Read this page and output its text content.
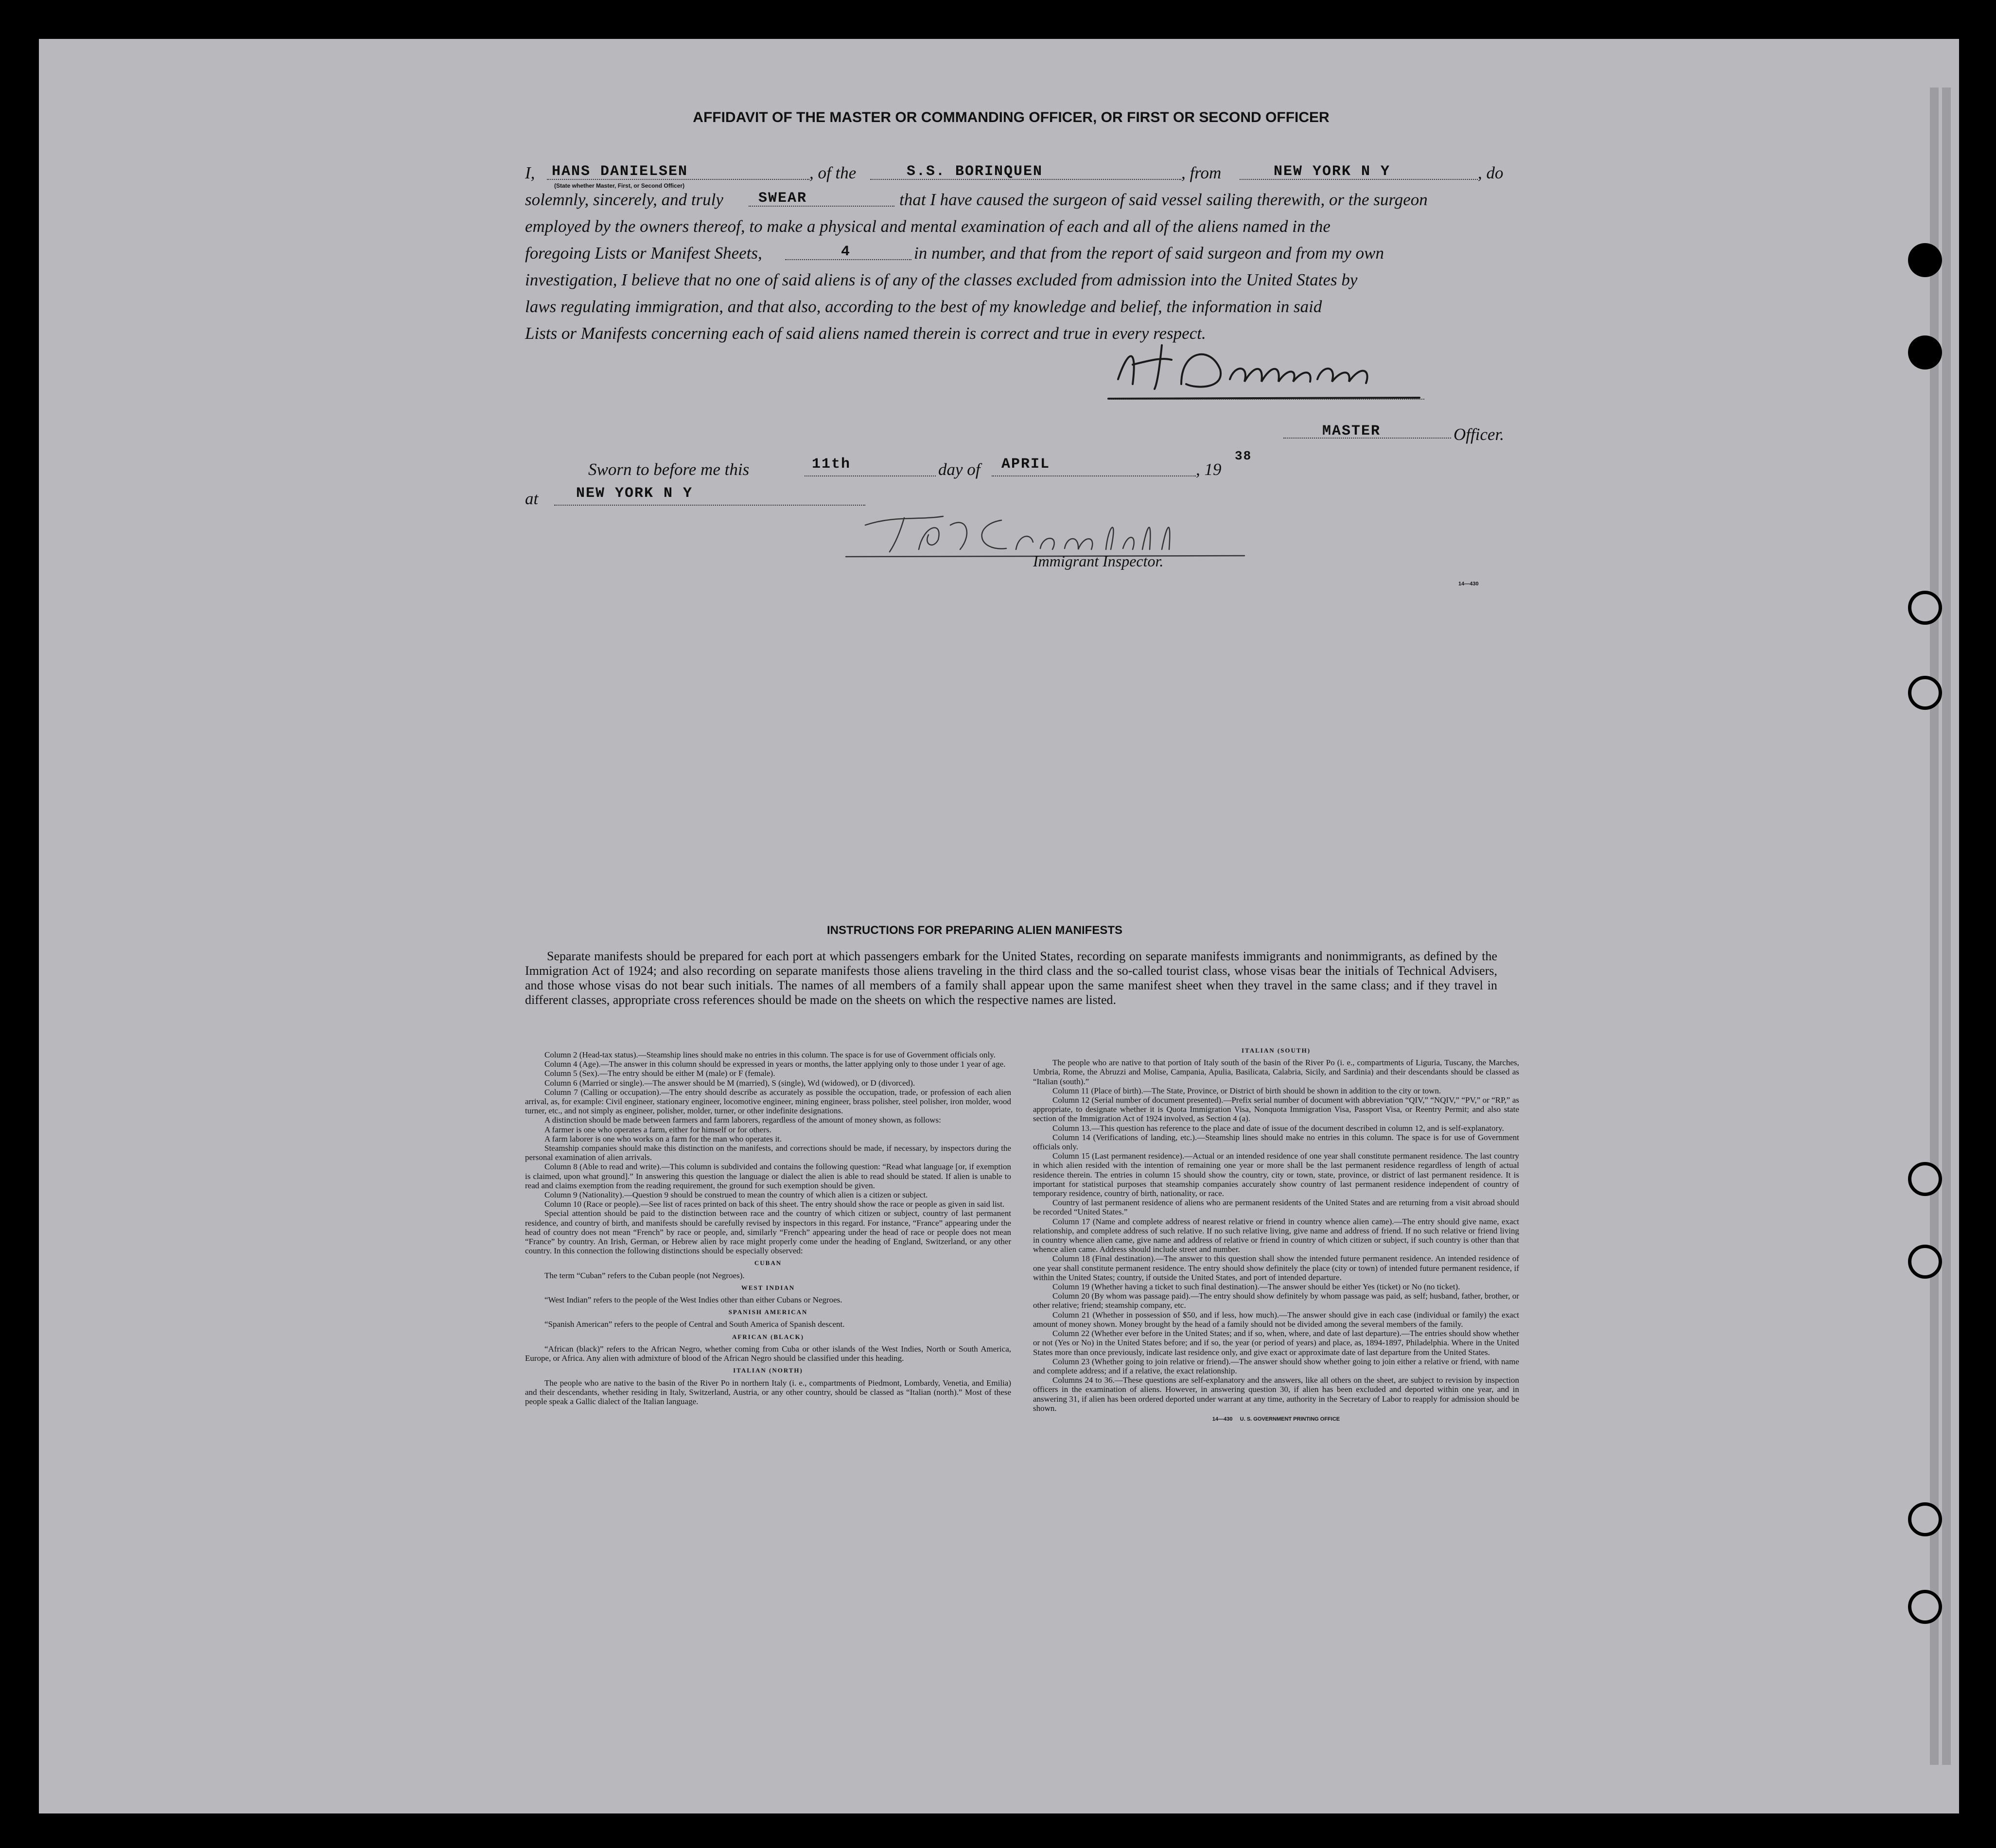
AFFIDAVIT OF THE MASTER OR COMMANDING OFFICER, OR FIRST OR SECOND OFFICER
I, HANS DANIELSEN
(State whether Master, First, or Second Officer)
, of the	S.S. BORINQUEN	, from	NEW YORK N Y	, do
solemnly, sincerely, and truly SWEAR	that I have caused the surgeon of said vessel sailing therewith, or the surgeon
employed by the owners thereof, to make a physical and mental examination of each and all of the aliens named in the
foregoing Lists or Manifest Sheets,	4	in number, and that from the report of said surgeon and from my own
investigation, I believe that no one of said aliens is of any of the classes excluded from admission into the United States by
laws regulating immigration, and that also, according to the best of my knowledge and belief, the information in said
Lists or Manifests concerning each of said aliens named therein is correct and true in every respect.
MASTER	Officer.
Sworn to before me this	11th	day of APRIL	, 19
38
at	NEW YORK N Y
Immigrant Inspector.
14—430
INSTRUCTIONS FOR PREPARING ALIEN MANIFESTS
Separate manifests should be prepared for each port at which passengers embark for the United States, recording on separate manifests immigrants and nonimmigrants, as defined by the Immigration Act of 1924; and also recording on separate manifests those aliens traveling in the third class and the so-called tourist class, whose visas bear the initials of Technical Advisers, and those whose visas do not bear such initials. The names of all members of a family shall appear upon the same manifest sheet when they travel in the same class; and if they travel in different classes, appropriate cross references should be made on the sheets on which the respective names are listed.

Column 2 (Head-tax status).—Steamship lines should make no entries in this column. The space is for use of Government officials only.

Column 4 (Age).—The answer in this column should be expressed in years or months, the latter applying only to those under 1 year of age.

Column 5 (Sex).—The entry should be either M (male) or F (female).

Column 6 (Married or single).—The answer should be M (married), S (single), Wd (widowed), or D (divorced).

Column 7 (Calling or occupation).—The entry should describe as accurately as possible the occupation, trade, or profession of each alien arrival, as, for example: Civil engineer, stationary engineer, locomotive engineer, mining engineer, brass polisher, steel polisher, iron molder, wood turner, etc., and not simply as engineer, polisher, molder, turner, or other indefinite designations.

A distinction should be made between farmers and farm laborers, regardless of the amount of money shown, as follows:

A farmer is one who operates a farm, either for himself or for others.

A farm laborer is one who works on a farm for the man who operates it.

Steamship companies should make this distinction on the manifests, and corrections should be made, if necessary, by inspectors during the personal examination of alien arrivals.

Column 8 (Able to read and write).—This column is subdivided and contains the following question: “Read what language [or, if exemption is claimed, upon what ground].” In answering this question the language or dialect the alien is able to read should be stated. If alien is unable to read and claims exemption from the reading requirement, the ground for such exemption should be given.

Column 9 (Nationality).—Question 9 should be construed to mean the country of which alien is a citizen or subject.

Column 10 (Race or people).—See list of races printed on back of this sheet. The entry should show the race or people as given in said list.

Special attention should be paid to the distinction between race and the country of which citizen or subject, country of last permanent residence, and country of birth, and manifests should be carefully revised by inspectors in this regard. For instance, “France” appearing under the head of country does not mean “French” by race or people, and, similarly “French” appearing under the head of race or people does not mean “France” by country. An Irish, German, or Hebrew alien by race might properly come under the heading of England, Switzerland, or any other country. In this connection the following distinctions should be especially observed:

CUBAN

The term “Cuban” refers to the Cuban people (not Negroes).

WEST INDIAN

“West Indian” refers to the people of the West Indies other than either Cubans or Negroes.

SPANISH AMERICAN

“Spanish American” refers to the people of Central and South America of Spanish descent.

AFRICAN (BLACK)

“African (black)” refers to the African Negro, whether coming from Cuba or other islands of the West Indies, North or South America, Europe, or Africa. Any alien with admixture of blood of the African Negro should be classified under this heading.

ITALIAN (NORTH)

The people who are native to the basin of the River Po in northern Italy (i. e., compartments of Piedmont, Lombardy, Venetia, and Emilia) and their descendants, whether residing in Italy, Switzerland, Austria, or any other country, should be classed as “Italian (north).” Most of these people speak a Gallic dialect of the Italian language.

ITALIAN (SOUTH)

The people who are native to that portion of Italy south of the basin of the River Po (i. e., compartments of Liguria, Tuscany, the Marches, Umbria, Rome, the Abruzzi and Molise, Campania, Apulia, Basilicata, Calabria, Sicily, and Sardinia) and their descendants should be classed as “Italian (south).”

Column 11 (Place of birth).—The State, Province, or District of birth should be shown in addition to the city or town.

Column 12 (Serial number of document presented).—Prefix serial number of document with abbreviation “QIV,” “NQIV,” “PV,” or “RP,” as appropriate, to designate whether it is Quota Immigration Visa, Nonquota Immigration Visa, Passport Visa, or Reentry Permit; and also state section of the Immigration Act of 1924 involved, as Section 4 (a).

Column 13.—This question has reference to the place and date of issue of the document described in column 12, and is self-explanatory.

Column 14 (Verifications of landing, etc.).—Steamship lines should make no entries in this column. The space is for use of Government officials only.

Column 15 (Last permanent residence).—Actual or an intended residence of one year shall constitute permanent residence. The last country in which alien resided with the intention of remaining one year or more shall be the last permanent residence regardless of length of actual residence therein. The entries in column 15 should show the country, city or town, state, province, or district of last permanent residence. It is important for statistical purposes that steamship companies accurately show country of last permanent residence independent of country of temporary residence, country of birth, nationality, or race.

Country of last permanent residence of aliens who are permanent residents of the United States and are returning from a visit abroad should be recorded “United States.”

Column 17 (Name and complete address of nearest relative or friend in country whence alien came).—The entry should give name, exact relationship, and complete address of such relative. If no such relative living, give name and address of friend. If no such relative or friend living in country whence alien came, give name and address of relative or friend in country of which citizen or subject, if such country is other than that whence alien came. Address should include street and number.

Column 18 (Final destination).—The answer to this question shall show the intended future permanent residence. An intended residence of one year shall constitute permanent residence. The entry should show definitely the place (city or town) of intended future permanent residence, if within the United States; country, if outside the United States, and port of intended departure.

Column 19 (Whether having a ticket to such final destination).—The answer should be either Yes (ticket) or No (no ticket).

Column 20 (By whom was passage paid).—The entry should show definitely by whom passage was paid, as self; husband, father, brother, or other relative; friend; steamship company, etc.

Column 21 (Whether in possession of $50, and if less, how much).—The answer should give in each case (individual or family) the exact amount of money shown. Money brought by the head of a family should not be divided among the several members of the family.

Column 22 (Whether ever before in the United States; and if so, when, where, and date of last departure).—The entries should show whether or not (Yes or No) in the United States before; and if so, the year (or period of years) and place, as, 1894-1897, Philadelphia. Where in the United States more than once previously, indicate last residence only, and give exact or approximate date of last departure from the United States.

Column 23 (Whether going to join relative or friend).—The answer should show whether going to join either a relative or friend, with name and complete address; and if a relative, the exact relationship.

Columns 24 to 36.—These questions are self-explanatory and the answers, like all others on the sheet, are subject to revision by inspection officers in the examination of aliens. However, in answering question 30, if alien has been excluded and deported within one year, and in answering 31, if alien has been ordered deported under warrant at any time, authority in the Secretary of Labor to reapply for admission should be shown.

14—430 U. S. GOVERNMENT PRINTING OFFICE
